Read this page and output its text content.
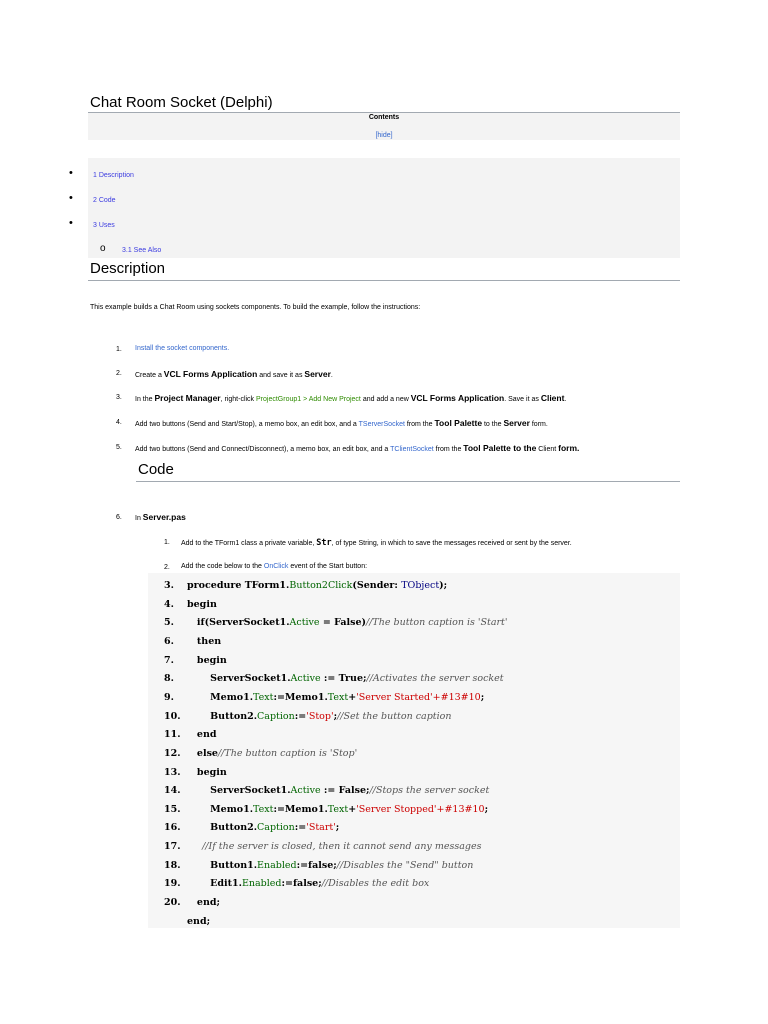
Chat Room Socket (Delphi)
Contents
[hide]
•	1 Description
•	2 Code
•	3 Uses
o 3.1 See Also
Description
This example builds a Chat Room using sockets components. To build the example, follow the instructions:
1. Install the socket components.
2. Create a VCL Forms Application and save it as Server.
3. In the Project Manager, right-click ProjectGroup1 > Add New Project and add a new VCL Forms Application. Save it as Client.
4. Add two buttons (Send and Start/Stop), a memo box, an edit box, and a TServerSocket from the Tool Palette to the Server form.
5. Add two buttons (Send and Connect/Disconnect), a memo box, an edit box, and a TClientSocket from the Tool Palette to the Client form.
Code
6. In Server.pas
1. Add to the TForm1 class a private variable, Str, of type String, in which to save the messages received or sent by the server.
2. Add the code below to the OnClick event of the Start button:
3.	procedure TForm1.Button2Click(Sender: TObject);
4.	begin
5.	if(ServerSocket1.Active = False)//The button caption is 'Start'
6.	then
7.	begin
8.	ServerSocket1.Active := True;//Activates the server socket
9.	Memo1.Text:=Memo1.Text+'Server Started'+#13#10;
10. Button2.Caption:='Stop';//Set the button caption
11. end
12. else//The button caption is 'Stop'
13. begin
14. ServerSocket1.Active := False;//Stops the server socket
15. Memo1.Text:=Memo1.Text+'Server Stopped'+#13#10;
16. Button2.Caption:='Start';
17. //If the server is closed, then it cannot send any messages
18. Button1.Enabled:=false;//Disables the "Send" button
19. Edit1.Enabled:=false;//Disables the edit box
20. end;
end;
